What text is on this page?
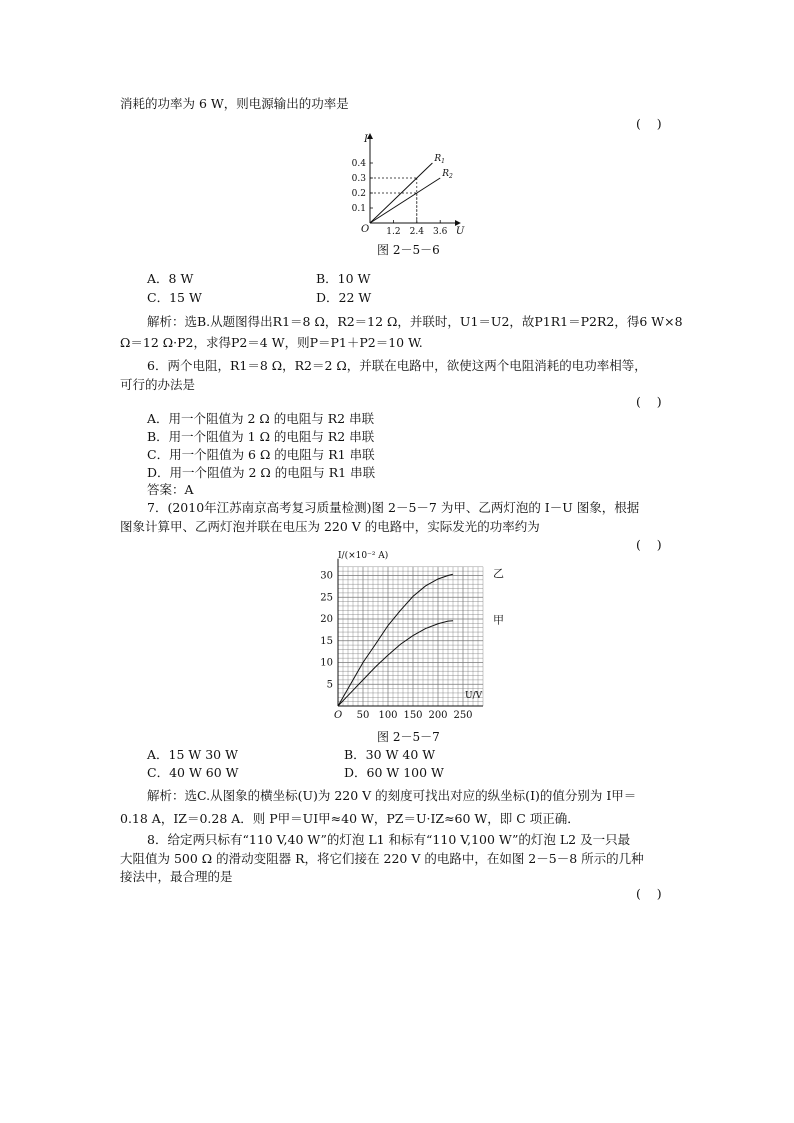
消耗的功率为 6 W，则电源输出的功率是
(    )
I
U
O
0.1
0.2
0.3
0.4
1.2 2.4 3.6
$R_1$
$R_2$
图 2－5－6
A．8 W	B．10 W
C．15 W	D．22 W
解析：选B.从题图得出R1＝8 Ω，R2＝12 Ω，并联时，U1＝U2，故P1R1＝P2R2，得6 W×8
Ω＝12 Ω·P2，求得P2＝4 W，则P＝P1＋P2＝10 W.
6．两个电阻，R1＝8 Ω，R2＝2 Ω，并联在电路中，欲使这两个电阻消耗的电功率相等，
可行的办法是
(    )
A．用一个阻值为 2 Ω 的电阻与 R2 串联
B．用一个阻值为 1 Ω 的电阻与 R2 串联
C．用一个阻值为 6 Ω 的电阻与 R1 串联
D．用一个阻值为 2 Ω 的电阻与 R1 串联
答案：A
7．(2010年江苏南京高考复习质量检测)图 2－5－7 为甲、乙两灯泡的 I－U 图象，根据
图象计算甲、乙两灯泡并联在电压为 220 V 的电路中，实际发光的功率约为
(    )
I/(×10⁻² A)
U/V
O
5
10
15
20
25
30
50 100 150 200 250
乙
甲
图 2－5－7
A．15 W 30 W	B．30 W 40 W
C．40 W 60 W	D．60 W 100 W
解析：选C.从图象的横坐标(U)为 220 V 的刻度可找出对应的纵坐标(I)的值分别为 I甲＝
0.18 A，IZ＝0.28 A．则 P甲＝UI甲≈40 W，PZ＝U·IZ≈60 W，即 C 项正确．
8．给定两只标有“110 V,40 W”的灯泡 L1 和标有“110 V,100 W”的灯泡 L2 及一只最
大阻值为 500 Ω 的滑动变阻器 R，将它们接在 220 V 的电路中，在如图 2－5－8 所示的几种
接法中，最合理的是
(    )
